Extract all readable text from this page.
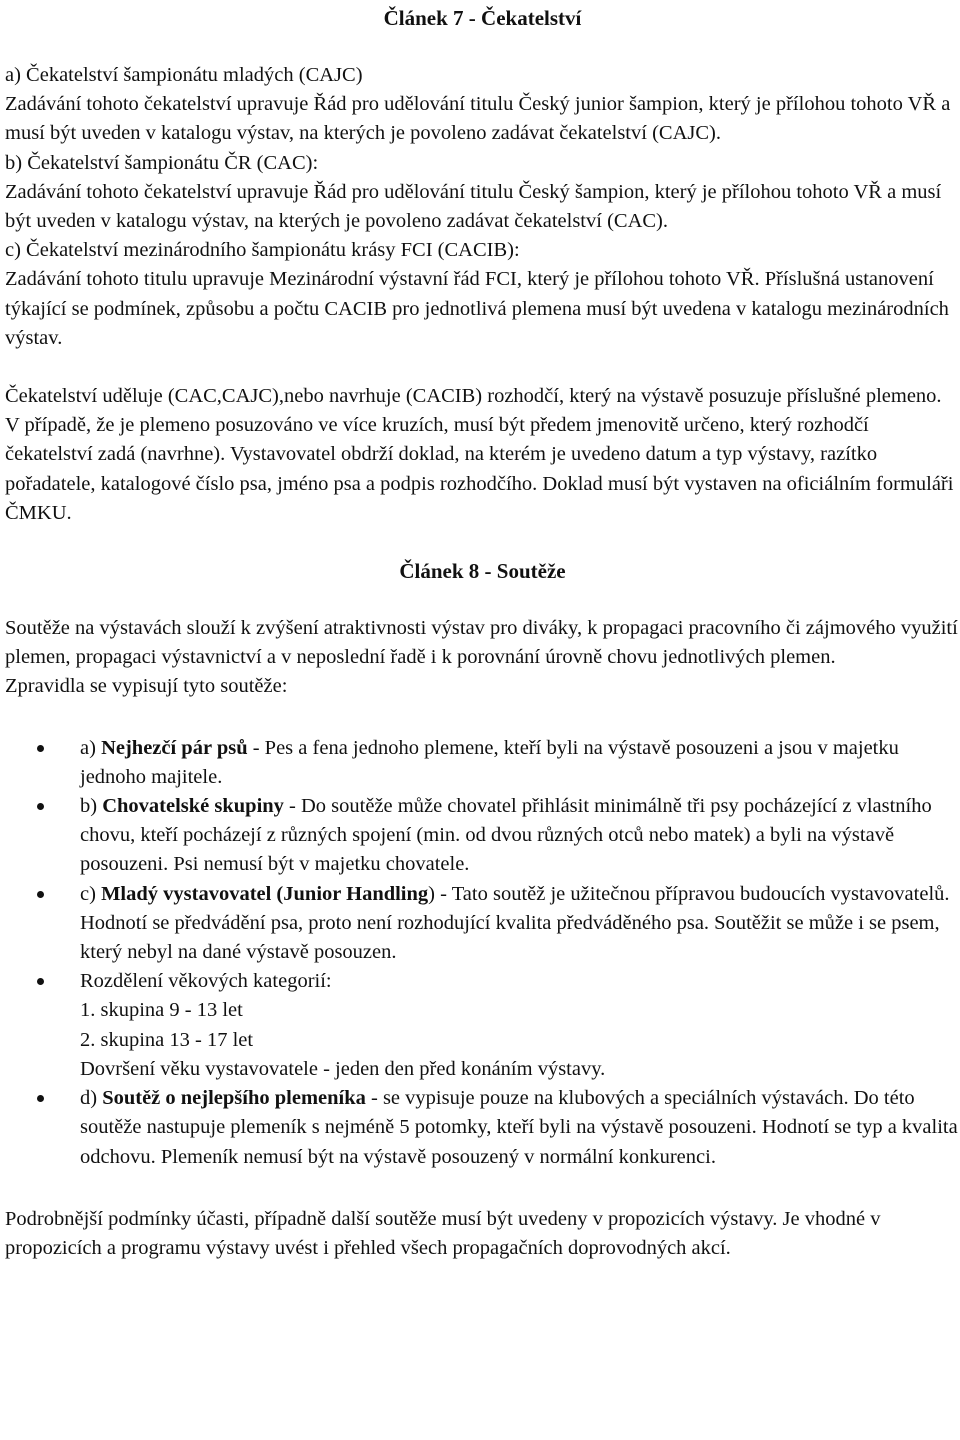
Článek 7 - Čekatelství

a) Čekatelství šampionátu mladých (CAJC)

Zadávání tohoto čekatelství upravuje Řád pro udělování titulu Český junior šampion, který je přílohou tohoto VŘ a musí být uveden v katalogu výstav, na kterých je povoleno zadávat čekatelství (CAJC).

b) Čekatelství šampionátu ČR (CAC):

Zadávání tohoto čekatelství upravuje Řád pro udělování titulu Český šampion, který je přílohou tohoto VŘ a musí být uveden v katalogu výstav, na kterých je povoleno zadávat čekatelství (CAC).

c) Čekatelství mezinárodního šampionátu krásy FCI (CACIB):

Zadávání tohoto titulu upravuje Mezinárodní výstavní řád FCI, který je přílohou tohoto VŘ. Příslušná ustanovení týkající se podmínek, způsobu a počtu CACIB pro jednotlivá plemena musí být uvedena v katalogu mezinárodních výstav.

Čekatelství uděluje (CAC,CAJC),nebo navrhuje (CACIB) rozhodčí, který na výstavě posuzuje příslušné plemeno. V případě, že je plemeno posuzováno ve více kruzích, musí být předem jmenovitě určeno, který rozhodčí čekatelství zadá (navrhne). Vystavovatel obdrží doklad, na kterém je uvedeno datum a typ výstavy, razítko pořadatele, katalogové číslo psa, jméno psa a podpis rozhodčího. Doklad musí být vystaven na oficiálním formuláři ČMKU.

Článek 8 - Soutěže

Soutěže na výstavách slouží k zvýšení atraktivnosti výstav pro diváky, k propagaci pracovního či zájmového využití plemen, propagaci výstavnictví a v neposlední řadě i k porovnání úrovně chovu jednotlivých plemen.

Zpravidla se vypisují tyto soutěže:

a) Nejhezčí pár psů - Pes a fena jednoho plemene, kteří byli na výstavě posouzeni a jsou v majetku jednoho majitele.
b) Chovatelské skupiny - Do soutěže může chovatel přihlásit minimálně tři psy pocházející z vlastního chovu, kteří pocházejí z různých spojení (min. od dvou různých otců nebo matek) a byli na výstavě posouzeni. Psi nemusí být v majetku chovatele.
c) Mladý vystavovatel (Junior Handling) - Tato soutěž je užitečnou přípravou budoucích vystavovatelů. Hodnotí se předvádění psa, proto není rozhodující kvalita předváděného psa. Soutěžit se může i se psem, který nebyl na dané výstavě posouzen.
Rozdělení věkových kategorií:
1. skupina 9 - 13 let
2. skupina 13 - 17 let
Dovršení věku vystavovatele - jeden den před konáním výstavy.
d) Soutěž o nejlepšího plemeníka - se vypisuje pouze na klubových a speciálních výstavách. Do této soutěže nastupuje plemeník s nejméně 5 potomky, kteří byli na výstavě posouzeni. Hodnotí se typ a kvalita odchovu. Plemeník nemusí být na výstavě posouzený v normální konkurenci.

Podrobnější podmínky účasti, případně další soutěže musí být uvedeny v propozicích výstavy. Je vhodné v propozicích a programu výstavy uvést i přehled všech propagačních doprovodných akcí.
